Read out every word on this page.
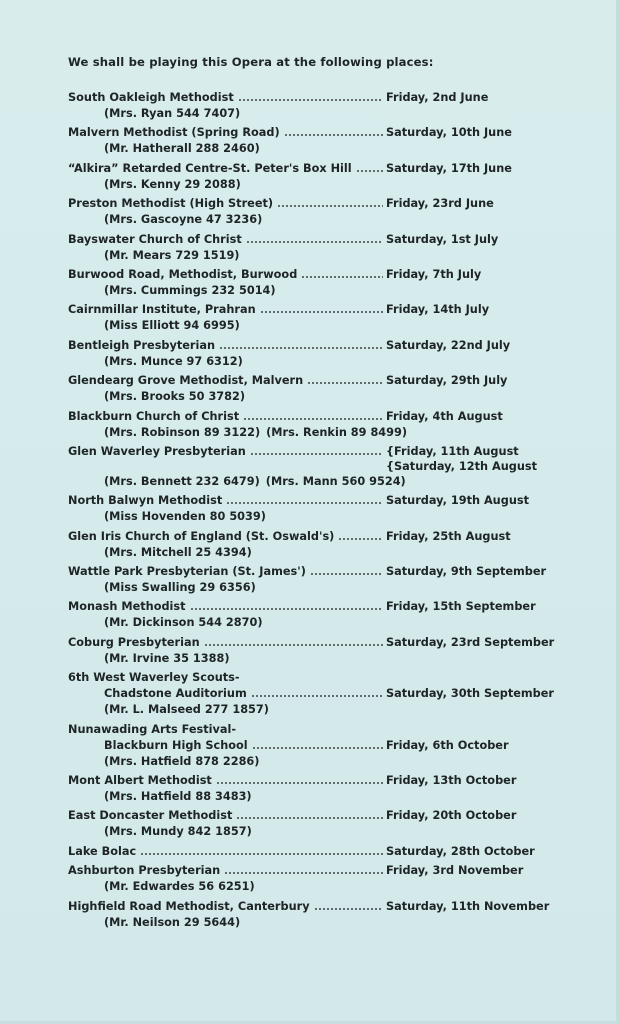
We shall be playing this Opera at the following places:
South Oakleigh Methodist	Friday, 2nd June
(Mrs. Ryan 544 7407)
Malvern Methodist (Spring Road)	Saturday, 10th June
(Mr. Hatherall 288 2460)
“Alkira” Retarded Centre-St. Peter's Box Hill	Saturday, 17th June
(Mrs. Kenny 29 2088)
Preston Methodist (High Street)	Friday, 23rd June
(Mrs. Gascoyne 47 3236)
Bayswater Church of Christ	Saturday, 1st July
(Mr. Mears 729 1519)
Burwood Road, Methodist, Burwood	Friday, 7th July
(Mrs. Cummings 232 5014)
Cairnmillar Institute, Prahran	Friday, 14th July
(Miss Elliott 94 6995)
Bentleigh Presbyterian	Saturday, 22nd July
(Mrs. Munce 97 6312)
Glendearg Grove Methodist, Malvern	Saturday, 29th July
(Mrs. Brooks 50 3782)
Blackburn Church of Christ	Friday, 4th August
(Mrs. Robinson 89 3122) (Mrs. Renkin 89 8499)
Glen Waverley Presbyterian	{Friday, 11th August
{Saturday, 12th August
(Mrs. Bennett 232 6479) (Mrs. Mann 560 9524)
North Balwyn Methodist	Saturday, 19th August
(Miss Hovenden 80 5039)
Glen Iris Church of England (St. Oswald's)	Friday, 25th August
(Mrs. Mitchell 25 4394)
Wattle Park Presbyterian (St. James')	Saturday, 9th September
(Miss Swalling 29 6356)
Monash Methodist	Friday, 15th September
(Mr. Dickinson 544 2870)
Coburg Presbyterian	Saturday, 23rd September
(Mr. Irvine 35 1388)
6th West Waverley Scouts-
Chadstone Auditorium	Saturday, 30th September
(Mr. L. Malseed 277 1857)
Nunawading Arts Festival-
Blackburn High School	Friday, 6th October
(Mrs. Hatfield 878 2286)
Mont Albert Methodist	Friday, 13th October
(Mrs. Hatfield 88 3483)
East Doncaster Methodist	Friday, 20th October
(Mrs. Mundy 842 1857)
Lake Bolac	Saturday, 28th October
Ashburton Presbyterian	Friday, 3rd November
(Mr. Edwardes 56 6251)
Highfield Road Methodist, Canterbury	Saturday, 11th November
(Mr. Neilson 29 5644)
